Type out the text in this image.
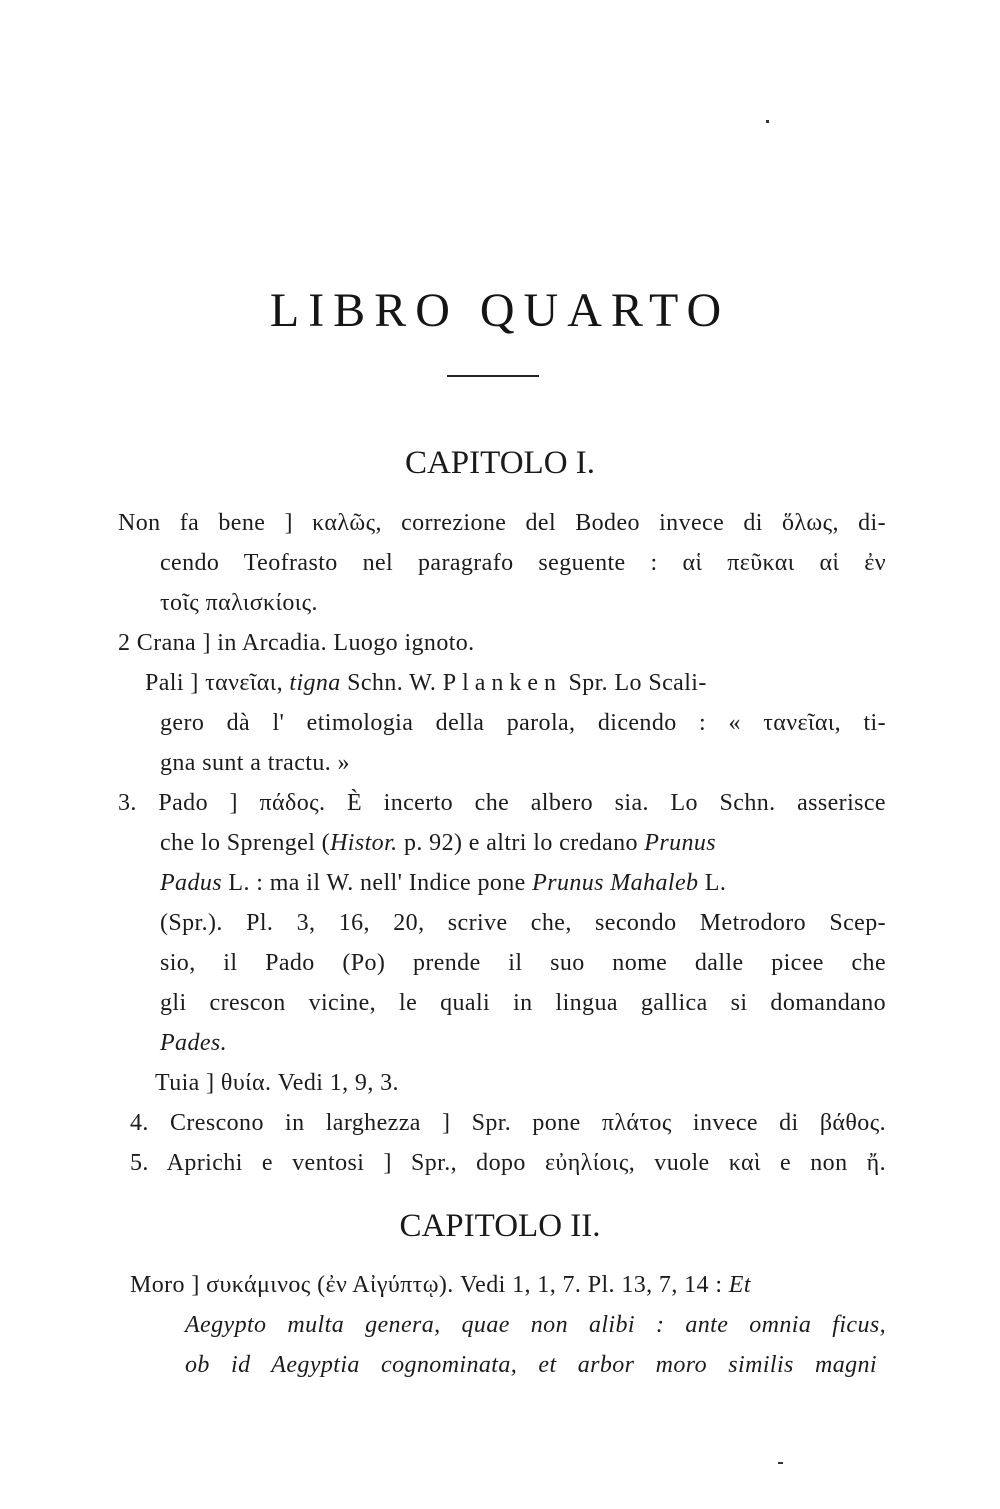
LIBRO QUARTO
CAPITOLO I.
Non fa bene ] καλῶς, correzione del Bodeo invece di ὅλως, di-
cendo Teofrasto nel paragrafo seguente : αἱ πεῦκαι αἱ ἐν
τοῖς παλισκίοις.
2 Crana ] in Arcadia. Luogo ignoto.
Pali ] τανεῖαι, tigna Schn. W. Planken Spr. Lo Scali-
gero dà l' etimologia della parola, dicendo : « τανεῖαι, ti-
gna sunt a tractu. »
3. Pado ] πάδος. È incerto che albero sia. Lo Schn. asserisce
che lo Sprengel (Histor. p. 92) e altri lo credano Prunus
Padus L. : ma il W. nell' Indice pone Prunus Mahaleb L.
(Spr.). Pl. 3, 16, 20, scrive che, secondo Metrodoro Scep-
sio, il Pado (Po) prende il suo nome dalle picee che
gli crescon vicine, le quali in lingua gallica si domandano
Pades.
Tuia ] θυία. Vedi 1, 9, 3.
4. Crescono in larghezza ] Spr. pone πλάτος invece di βάθος.
5. Aprichi e ventosi ] Spr., dopo εὐηλίοις, vuole καὶ e non ἤ.
CAPITOLO II.
Moro ] συκάμινος (ἐν Αἰγύπτῳ). Vedi 1, 1, 7. Pl. 13, 7, 14 : Et
Aegypto multa genera, quae non alibi : ante omnia ficus,
ob id Aegyptia cognominata, et arbor moro similis magni
